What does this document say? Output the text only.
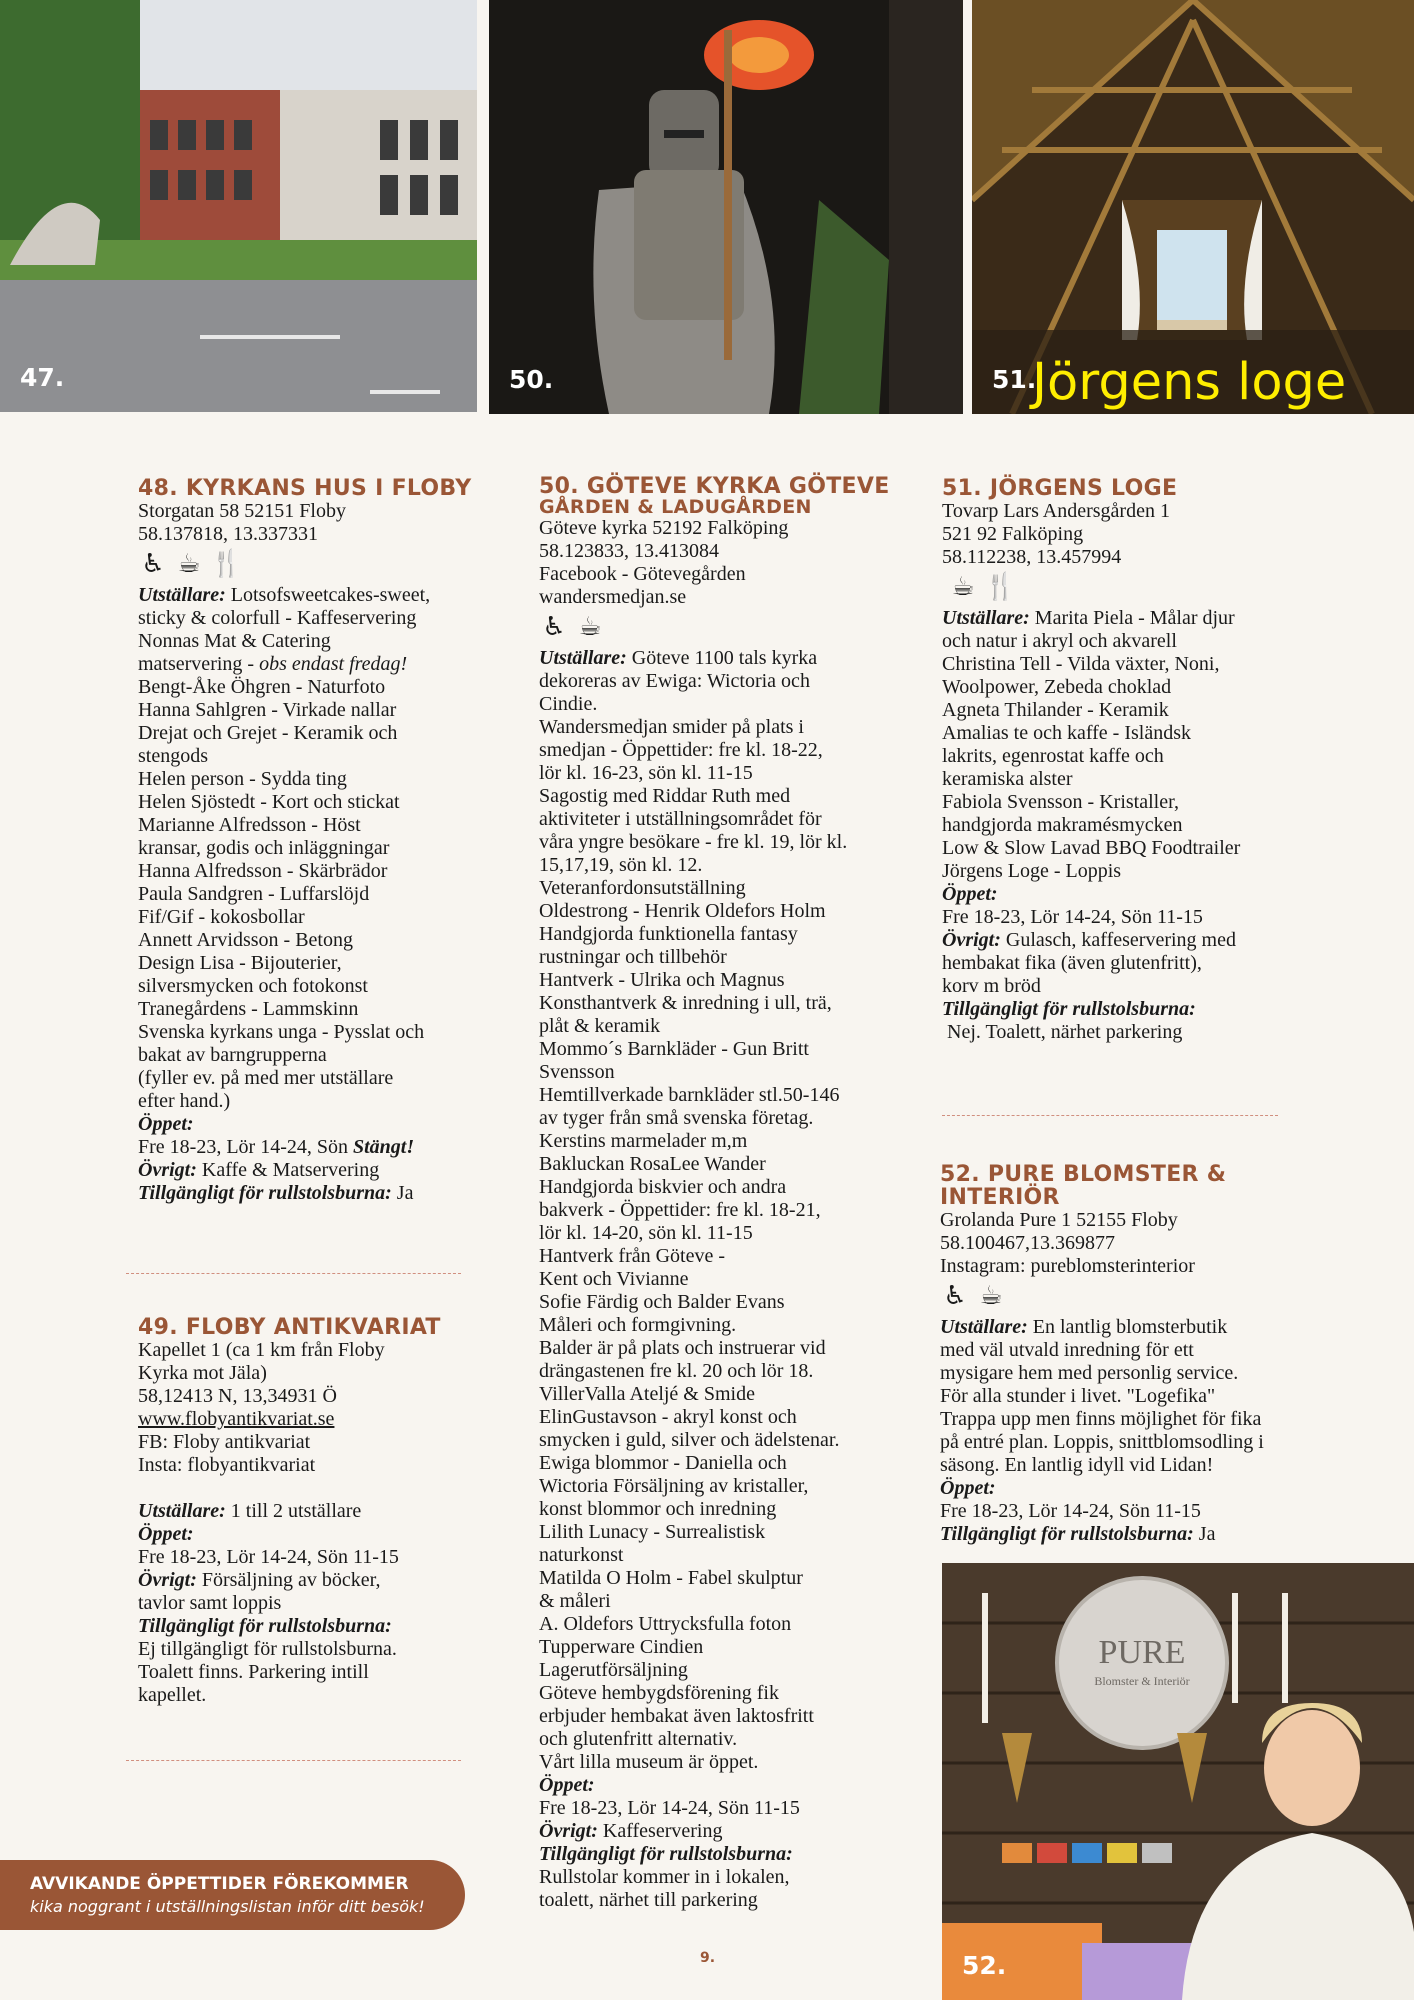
47.	50.	51.
Jörgens loge
PURE
Blomster & Interiör
52.
48. KYRKANS HUS I FLOBY

Storgatan 58 52151 Floby

58.137818, 13.337331

♿ ☕ 🍴

Utställare: Lotsofsweetcakes-sweet,

sticky & colorfull - Kaffeservering

Nonnas Mat & Catering

matservering - obs endast fredag!

Bengt-Åke Öhgren - Naturfoto

Hanna Sahlgren - Virkade nallar

Drejat och Grejet - Keramik och

stengods

Helen person - Sydda ting

Helen Sjöstedt - Kort och stickat

Marianne Alfredsson - Höst

kransar, godis och inläggningar

Hanna Alfredsson - Skärbrädor

Paula Sandgren - Luffarslöjd

Fif/Gif - kokosbollar

Annett Arvidsson - Betong

Design Lisa - Bijouterier,

silversmycken och fotokonst

Tranegårdens - Lammskinn

Svenska kyrkans unga - Pysslat och

bakat av barngrupperna

(fyller ev. på med mer utställare

efter hand.)

Öppet:

Fre 18-23, Lör 14-24, Sön Stängt!

Övrigt: Kaffe & Matservering

Tillgängligt för rullstolsburna: Ja

49. FLOBY ANTIKVARIAT

Kapellet 1 (ca 1 km från Floby

Kyrka mot Jäla)

58,12413 N, 13,34931 Ö

www.flobyantikvariat.se

FB: Floby antikvariat

Insta: flobyantikvariat

Utställare: 1 till 2 utställare

Öppet:

Fre 18-23, Lör 14-24, Sön 11-15

Övrigt: Försäljning av böcker,

tavlor samt loppis

Tillgängligt för rullstolsburna:

Ej tillgängligt för rullstolsburna.

Toalett finns. Parkering intill

kapellet.

AVVIKANDE ÖPPETTIDER FÖREKOMMER
kika noggrant i utställningslistan inför ditt besök!
50. GÖTEVE KYRKA GÖTEVE
GÅRDEN & LADUGÅRDEN

Göteve kyrka 52192 Falköping

58.123833, 13.413084

Facebook - Götevegården

wandersmedjan.se

♿ ☕

Utställare: Göteve 1100 tals kyrka

dekoreras av Ewiga: Wictoria och

Cindie.

Wandersmedjan smider på plats i

smedjan - Öppettider: fre kl. 18-22,

lör kl. 16-23, sön kl. 11-15

Sagostig med Riddar Ruth med

aktiviteter i utställningsområdet för

våra yngre besökare - fre kl. 19, lör kl.

15,17,19, sön kl. 12.

Veteranfordonsutställning

Oldestrong - Henrik Oldefors Holm

Handgjorda funktionella fantasy

rustningar och tillbehör

Hantverk - Ulrika och Magnus

Konsthantverk & inredning i ull, trä,

plåt & keramik

Mommo´s Barnkläder - Gun Britt

Svensson

Hemtillverkade barnkläder stl.50-146

av tyger från små svenska företag.

Kerstins marmelader m,m

Bakluckan RosaLee Wander

Handgjorda biskvier och andra

bakverk - Öppettider: fre kl. 18-21,

lör kl. 14-20, sön kl. 11-15

Hantverk från Göteve -

Kent och Vivianne

Sofie Färdig och Balder Evans

Måleri och formgivning.

Balder är på plats och instruerar vid

drängastenen fre kl. 20 och lör 18.

VillerValla Ateljé & Smide

ElinGustavson - akryl konst och

smycken i guld, silver och ädelstenar.

Ewiga blommor - Daniella och

Wictoria Försäljning av kristaller,

konst blommor och inredning

Lilith Lunacy - Surrealistisk

naturkonst

Matilda O Holm - Fabel skulptur

& måleri

A. Oldefors Uttrycksfulla foton

Tupperware Cindien

Lagerutförsäljning

Göteve hembygdsförening fik

erbjuder hembakat även laktosfritt

och glutenfritt alternativ.

Vårt lilla museum är öppet.

Öppet:

Fre 18-23, Lör 14-24, Sön 11-15

Övrigt: Kaffeservering

Tillgängligt för rullstolsburna:

Rullstolar kommer in i lokalen,

toalett, närhet till parkering

9.
51. JÖRGENS LOGE

Tovarp Lars Andersgården 1

521 92 Falköping

58.112238, 13.457994

☕ 🍴

Utställare: Marita Piela - Målar djur

och natur i akryl och akvarell

Christina Tell - Vilda växter, Noni,

Woolpower, Zebeda choklad

Agneta Thilander - Keramik

Amalias te och kaffe - Isländsk

lakrits, egenrostat kaffe och

keramiska alster

Fabiola Svensson - Kristaller,

handgjorda makramésmycken

Low & Slow Lavad BBQ Foodtrailer

Jörgens Loge - Loppis

Öppet:

Fre 18-23, Lör 14-24, Sön 11-15

Övrigt: Gulasch, kaffeservering med

hembakat fika (även glutenfritt),

korv m bröd

Tillgängligt för rullstolsburna:

Nej. Toalett, närhet parkering

52. PURE BLOMSTER & INTERIÖR

Grolanda Pure 1 52155 Floby

58.100467,13.369877

Instagram: pureblomsterinterior

♿ ☕

Utställare: En lantlig blomsterbutik

med väl utvald inredning för ett

mysigare hem med personlig service.

För alla stunder i livet. "Logefika"

Trappa upp men finns möjlighet för fika

på entré plan. Loppis, snittblomsodling i

säsong. En lantlig idyll vid Lidan!

Öppet:

Fre 18-23, Lör 14-24, Sön 11-15

Tillgängligt för rullstolsburna: Ja
